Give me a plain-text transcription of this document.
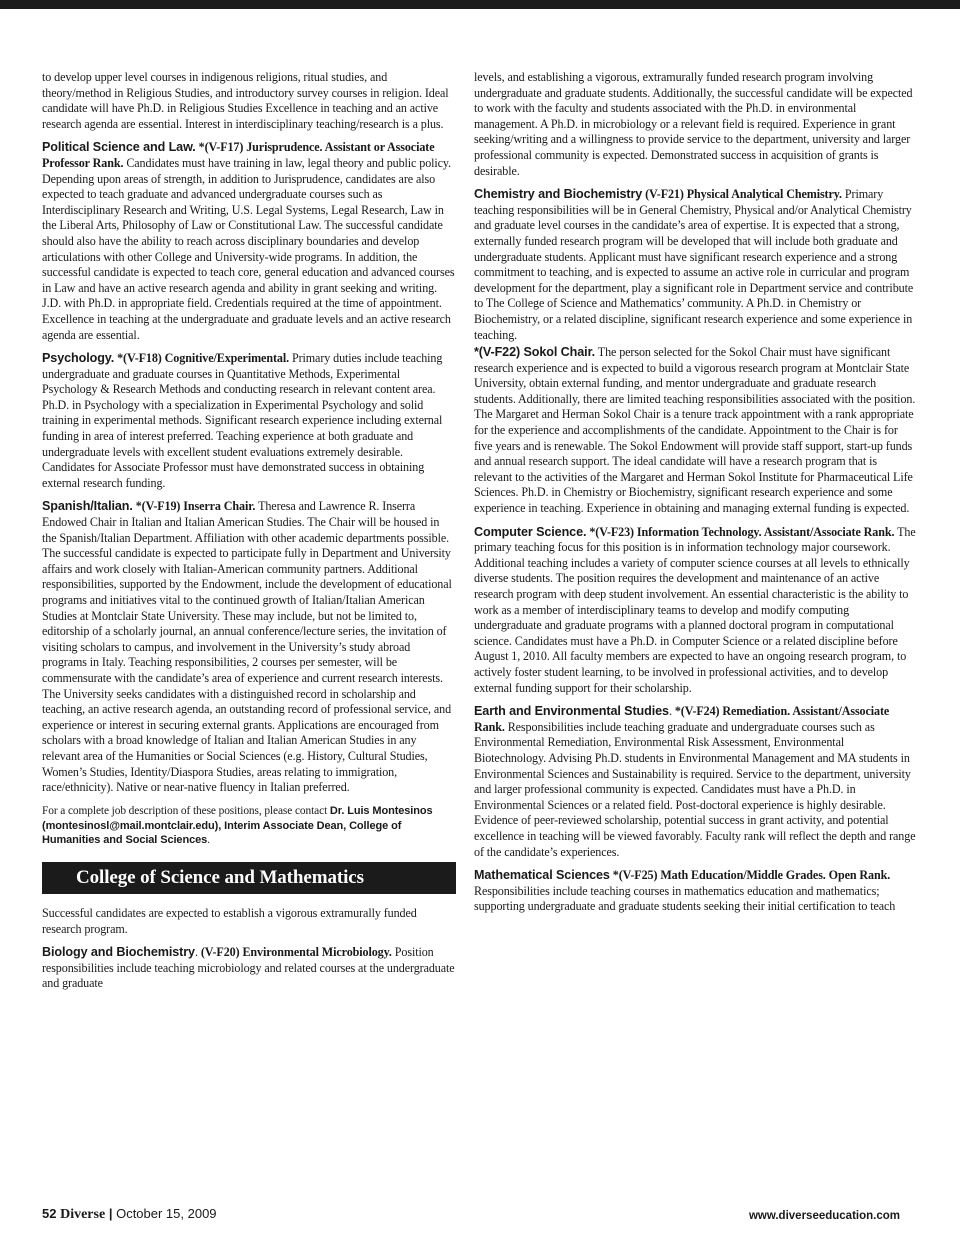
to develop upper level courses in indigenous religions, ritual studies, and theory/method in Religious Studies, and introductory survey courses in religion. Ideal candidate will have Ph.D. in Religious Studies Excellence in teaching and an active research agenda are essential. Interest in interdisciplinary teaching/research is a plus.

Political Science and Law. *(V-F17) Jurisprudence. Assistant or Associate Professor Rank. Candidates must have training in law, legal theory and public policy. Depending upon areas of strength, in addition to Jurisprudence, candidates are also expected to teach graduate and advanced undergraduate courses such as Interdisciplinary Research and Writing, U.S. Legal Systems, Legal Research, Law in the Liberal Arts, Philosophy of Law or Constitutional Law. The successful candidate should also have the ability to reach across disciplinary boundaries and develop articulations with other College and University-wide programs. In addition, the successful candidate is expected to teach core, general education and advanced courses in Law and have an active research agenda and ability in grant seeking and writing. J.D. with Ph.D. in appropriate field. Credentials required at the time of appointment. Excellence in teaching at the undergraduate and graduate levels and an active research agenda are essential.

Psychology. *(V-F18) Cognitive/Experimental. Primary duties include teaching undergraduate and graduate courses in Quantitative Methods, Experimental Psychology & Research Methods and conducting research in relevant content area. Ph.D. in Psychology with a specialization in Experimental Psychology and solid training in experimental methods. Significant research experience including external funding in area of interest preferred. Teaching experience at both graduate and undergraduate levels with excellent student evaluations extremely desirable. Candidates for Associate Professor must have demonstrated success in obtaining external research funding.

Spanish/Italian. *(V-F19) Inserra Chair. Theresa and Lawrence R. Inserra Endowed Chair in Italian and Italian American Studies. The Chair will be housed in the Spanish/Italian Department. Affiliation with other academic departments possible. The successful candidate is expected to participate fully in Department and University affairs and work closely with Italian-American community partners. Additional responsibilities, supported by the Endowment, include the development of educational programs and initiatives vital to the continued growth of Italian/Italian American Studies at Montclair State University. These may include, but not be limited to, editorship of a scholarly journal, an annual conference/lecture series, the invitation of visiting scholars to campus, and involvement in the University’s study abroad programs in Italy. Teaching responsibilities, 2 courses per semester, will be commensurate with the candidate’s area of experience and current research interests. The University seeks candidates with a distinguished record in scholarship and teaching, an active research agenda, an outstanding record of professional service, and experience or interest in securing external grants. Applications are encouraged from scholars with a broad knowledge of Italian and Italian American Studies in any relevant area of the Humanities or Social Sciences (e.g. History, Cultural Studies, Women’s Studies, Identity/Diaspora Studies, areas relating to immigration, race/ethnicity). Native or near-native fluency in Italian preferred.

For a complete job description of these positions, please contact Dr. Luis Montesinos (montesinosl@mail.montclair.edu), Interim Associate Dean, College of Humanities and Social Sciences.

College of Science and Mathematics

Successful candidates are expected to establish a vigorous extramurally funded research program.

Biology and Biochemistry. (V-F20) Environmental Microbiology. Position responsibilities include teaching microbiology and related courses at the undergraduate and graduate

levels, and establishing a vigorous, extramurally funded research program involving undergraduate and graduate students. Additionally, the successful candidate will be expected to work with the faculty and students associated with the Ph.D. in environmental management. A Ph.D. in microbiology or a relevant field is required. Experience in grant seeking/writing and a willingness to provide service to the department, university and larger professional community is expected. Demonstrated success in acquisition of grants is desirable.

Chemistry and Biochemistry (V-F21) Physical Analytical Chemistry. Primary teaching responsibilities will be in General Chemistry, Physical and/or Analytical Chemistry and graduate level courses in the candidate’s area of expertise. It is expected that a strong, externally funded research program will be developed that will include both graduate and undergraduate students. Applicant must have significant research experience and a strong commitment to teaching, and is expected to assume an active role in curricular and program development for the department, play a significant role in Department service and contribute to The College of Science and Mathematics’ community. A Ph.D. in Chemistry or Biochemistry, or a related discipline, significant research experience and some experience in teaching.

*(V-F22) Sokol Chair. The person selected for the Sokol Chair must have significant research experience and is expected to build a vigorous research program at Montclair State University, obtain external funding, and mentor undergraduate and graduate research students. Additionally, there are limited teaching responsibilities associated with the position. The Margaret and Herman Sokol Chair is a tenure track appointment with a rank appropriate for the experience and accomplishments of the candidate. Appointment to the Chair is for five years and is renewable. The Sokol Endowment will provide staff support, start-up funds and annual research support. The ideal candidate will have a research program that is relevant to the activities of the Margaret and Herman Sokol Institute for Pharmaceutical Life Sciences. Ph.D. in Chemistry or Biochemistry, significant research experience and some experience in teaching. Experience in obtaining and managing external funding is expected.

Computer Science. *(V-F23) Information Technology. Assistant/Associate Rank. The primary teaching focus for this position is in information technology major coursework. Additional teaching includes a variety of computer science courses at all levels to ethnically diverse students. The position requires the development and maintenance of an active research program with deep student involvement. An essential characteristic is the ability to work as a member of interdisciplinary teams to develop and modify computing undergraduate and graduate programs with a planned doctoral program in computational science. Candidates must have a Ph.D. in Computer Science or a related discipline before August 1, 2010. All faculty members are expected to have an ongoing research program, to actively foster student learning, to be involved in professional activities, and to develop external funding support for their scholarship.

Earth and Environmental Studies. *(V-F24) Remediation. Assistant/Associate Rank. Responsibilities include teaching graduate and undergraduate courses such as Environmental Remediation, Environmental Risk Assessment, Environmental Biotechnology. Advising Ph.D. students in Environmental Management and MA students in Environmental Sciences and Sustainability is required. Service to the department, university and larger professional community is expected. Candidates must have a Ph.D. in Environmental Sciences or a related field. Post-doctoral experience is highly desirable. Evidence of peer-reviewed scholarship, potential success in grant activity, and potential excellence in teaching will be viewed favorably. Faculty rank will reflect the depth and range of the candidate’s experiences.

Mathematical Sciences *(V-F25) Math Education/Middle Grades. Open Rank. Responsibilities include teaching courses in mathematics education and mathematics; supporting undergraduate and graduate students seeking their initial certification to teach

52 Diverse | October 15, 2009	www.diverseeducation.com
